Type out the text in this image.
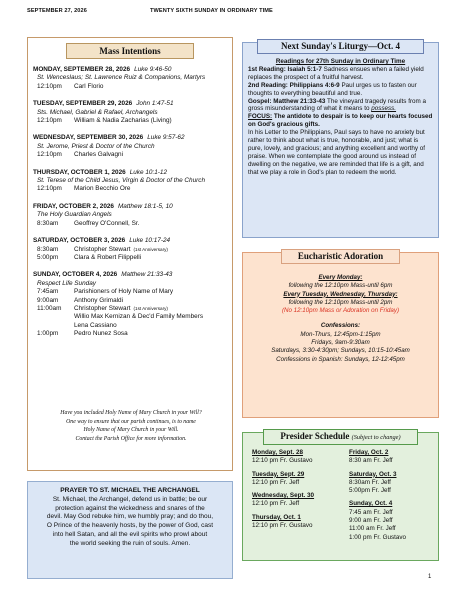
SEPTEMBER 27, 2026	TWENTY SIXTH SUNDAY IN ORDINARY TIME
Mass Intentions
MONDAY, SEPTEMBER 28, 2026 Luke 9:46-50
St. Wenceslaus; St. Lawrence Ruiz & Companions, Martyrs
12:10pm	Carl Florio
TUESDAY, SEPTEMBER 29, 2026 John 1:47-51
Sts. Michael, Gabriel & Rafael, Archangels
12:10pm	William & Nadia Zacharias (Living)
WEDNESDAY, SEPTEMBER 30, 2026 Luke 9:57-62
St. Jerome, Priest & Doctor of the Church
12:10pm	Charles Galvagni
THURSDAY, OCTOBER 1, 2026 Luke 10:1-12
St. Terese of the Child Jesus, Virgin & Doctor of the Church
12:10pm	Marion Becchio Ore
FRIDAY, OCTOBER 2, 2026 Matthew 18:1-5, 10
The Holy Guardian Angels
8:30am	Geoffrey O'Connell, Sr.
SATURDAY, OCTOBER 3, 2026 Luke 10:17-24
8:30am	Christopher Stewart (1st Anniversary)
5:00pm	Clara & Robert Filippelli
SUNDAY, OCTOBER 4, 2026 Matthew 21:33-43
Respect Life Sunday
7:45am	Parishioners of Holy Name of Mary
9:00am	Anthony Grimaldi
11:00am	Christopher Stewart (1st Anniversary)
Willio Max Kernizan & Dec'd Family Members
Lena Cassiano
1:00pm	Pedro Nunez Sosa
Have you included Holy Name of Mary Church in your Will?
One way to ensure that our parish continues, is to name
Holy Name of Mary Church in your Will.
Contact the Parish Office for more information.
PRAYER TO ST. MICHAEL THE ARCHANGEL
St. Michael, the Archangel, defend us in battle; be our
protection against the wickedness and snares of the
devil. May God rebuke him, we humbly pray; and do thou,
O Prince of the heavenly hosts, by the power of God, cast
into hell Satan, and all the evil spirits who prowl about
the world seeking the ruin of souls. Amen.
Next Sunday's Liturgy—Oct. 4
Readings for 27th Sunday in Ordinary Time
1st Reading: Isaiah 5:1-7 Sadness ensues when a failed yield replaces the prospect of a fruitful harvest.
2nd Reading: Philippians 4:6-9 Paul urges us to fasten our thoughts to everything beautiful and true.
Gospel: Matthew 21:33-43 The vineyard tragedy results from a gross misunderstanding of what it means to possess.
FOCUS: The antidote to despair is to keep our hearts focused on God's gracious gifts.
In his Letter to the Philippians, Paul says to have no anxiety but rather to think about what is true, honorable, and just; what is pure, lovely, and gracious; and anything excellent and worthy of praise. When we contemplate the good around us instead of dwelling on the negative, we are reminded that life is a gift, and that we play a role in God's plan to redeem the world.
Eucharistic Adoration
Every Monday:
following the 12:10pm Mass-until 6pm
Every Tuesday, Wednesday, Thursday:
following the 12:10pm Mass-until 2pm
(No 12:10pm Mass or Adoration on Friday)
Confessions:
Mon-Thurs, 12:45pm-1:15pm
Fridays, 9am-9:30am
Saturdays, 3:30-4:30pm; Sundays, 10:15-10:45am
Confessions in Spanish: Sundays, 12-12:45pm
Presider Schedule (Subject to change)
Monday, Sept. 28
12:10 pm Fr. Gustavo
Tuesday, Sept. 29
12:10 pm Fr. Jeff
Wednesday, Sept. 30
12:10 pm Fr. Jeff
Thursday, Oct. 1
12:10 pm Fr. Gustavo
Friday, Oct. 2
8:30 am Fr. Jeff
Saturday, Oct. 3
8:30am Fr. Jeff
5:00pm Fr. Jeff
Sunday, Oct. 4
7:45 am Fr. Jeff
9:00 am Fr. Jeff
11:00 am Fr. Jeff
1:00 pm Fr. Gustavo
1
